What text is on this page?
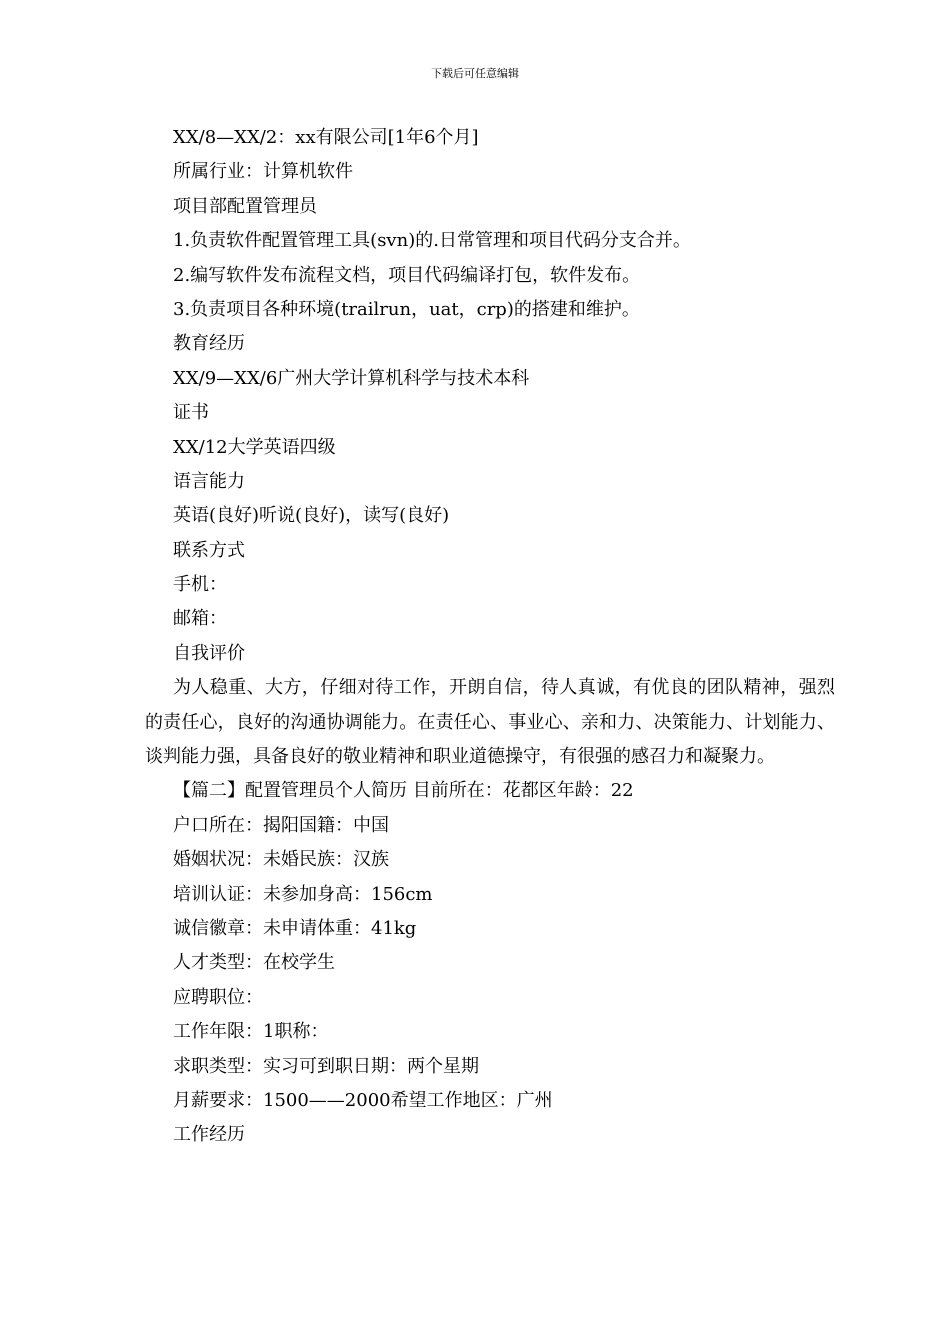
下载后可任意编辑
XX/8—XX/2：xx有限公司[1年6个月]
所属行业：计算机软件
项目部配置管理员
1.负责软件配置管理工具(svn)的.日常管理和项目代码分支合并。
2.编写软件发布流程文档，项目代码编译打包，软件发布。
3.负责项目各种环境(trailrun，uat，crp)的搭建和维护。
教育经历
XX/9—XX/6广州大学计算机科学与技术本科
证书
XX/12大学英语四级
语言能力
英语(良好)听说(良好)，读写(良好)
联系方式
手机：
邮箱：
自我评价

为人稳重、大方，仔细对待工作，开朗自信，待人真诚，有优良的团队精神，强烈的责任心，良好的沟通协调能力。在责任心、事业心、亲和力、决策能力、计划能力、谈判能力强，具备良好的敬业精神和职业道德操守，有很强的感召力和凝聚力。

【篇二】配置管理员个人简历 目前所在：花都区年龄：22
户口所在：揭阳国籍：中国
婚姻状况：未婚民族：汉族
培训认证：未参加身高：156cm
诚信徽章：未申请体重：41kg
人才类型：在校学生
应聘职位：
工作年限：1职称：
求职类型：实习可到职日期：两个星期
月薪要求：1500——2000希望工作地区：广州
工作经历
